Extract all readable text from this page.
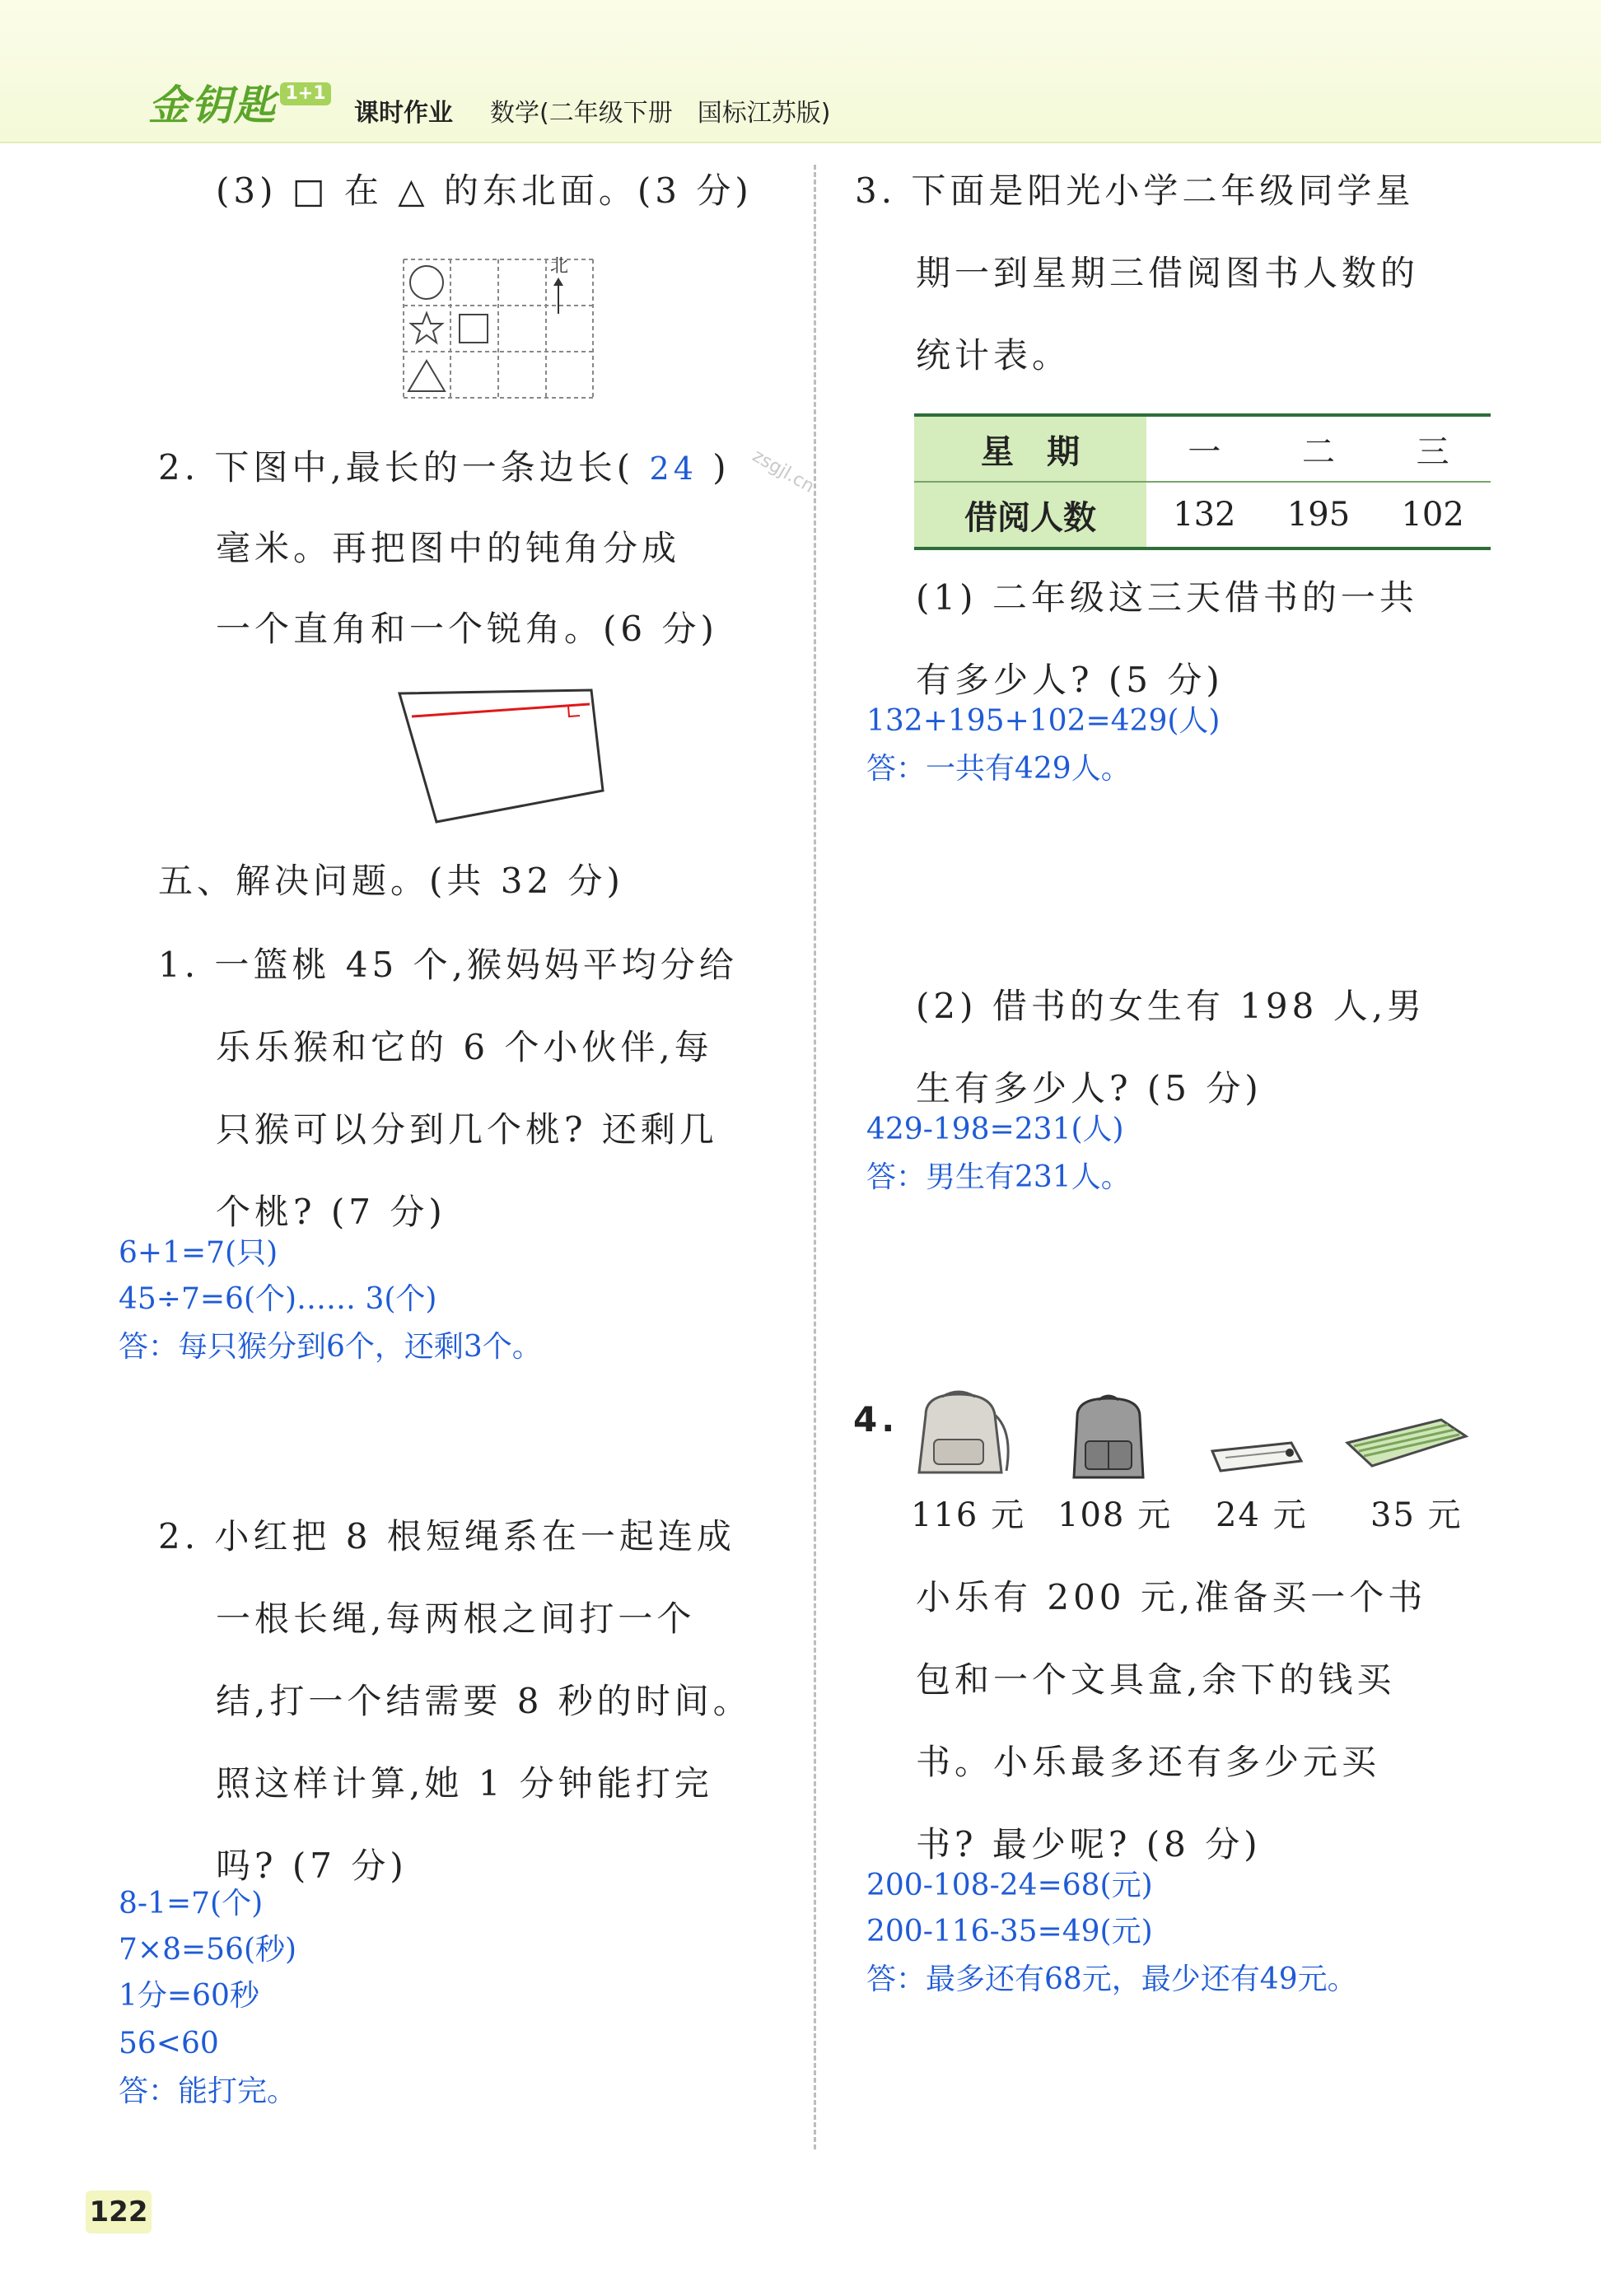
金钥匙 1+1
课时作业 数学(二年级下册　国标江苏版)
(3) □ 在 △ 的东北面。(3 分)
北
2. 下图中,最长的一条边长( 24 )
毫米。再把图中的钝角分成
一个直角和一个锐角。(6 分)
五、解决问题。(共 32 分)
1. 一篮桃 45 个,猴妈妈平均分给
乐乐猴和它的 6 个小伙伴,每
只猴可以分到几个桃? 还剩几
个桃? (7 分)
6+1=7(只)
45÷7=6(个)…… 3(个)
答：每只猴分到6个，还剩3个。
2. 小红把 8 根短绳系在一起连成
一根长绳,每两根之间打一个
结,打一个结需要 8 秒的时间。
照这样计算,她 1 分钟能打完
吗? (7 分)
8-1=7(个)
7×8=56(秒)
1分=60秒
56<60
答：能打完。
3. 下面是阳光小学二年级同学星
期一到星期三借阅图书人数的
统计表。
星　期	一	二	三
借阅人数	132	195	102
(1) 二年级这三天借书的一共
有多少人? (5 分)
132+195+102=429(人)
答：一共有429人。
(2) 借书的女生有 198 人,男
生有多少人? (5 分)
429-198=231(人)
答：男生有231人。
4.
116 元 108 元 24 元 35 元
小乐有 200 元,准备买一个书
包和一个文具盒,余下的钱买
书。小乐最多还有多少元买
书? 最少呢? (8 分)
200-108-24=68(元)
200-116-35=49(元)
答：最多还有68元，最少还有49元。
zsgjl.cn
122
